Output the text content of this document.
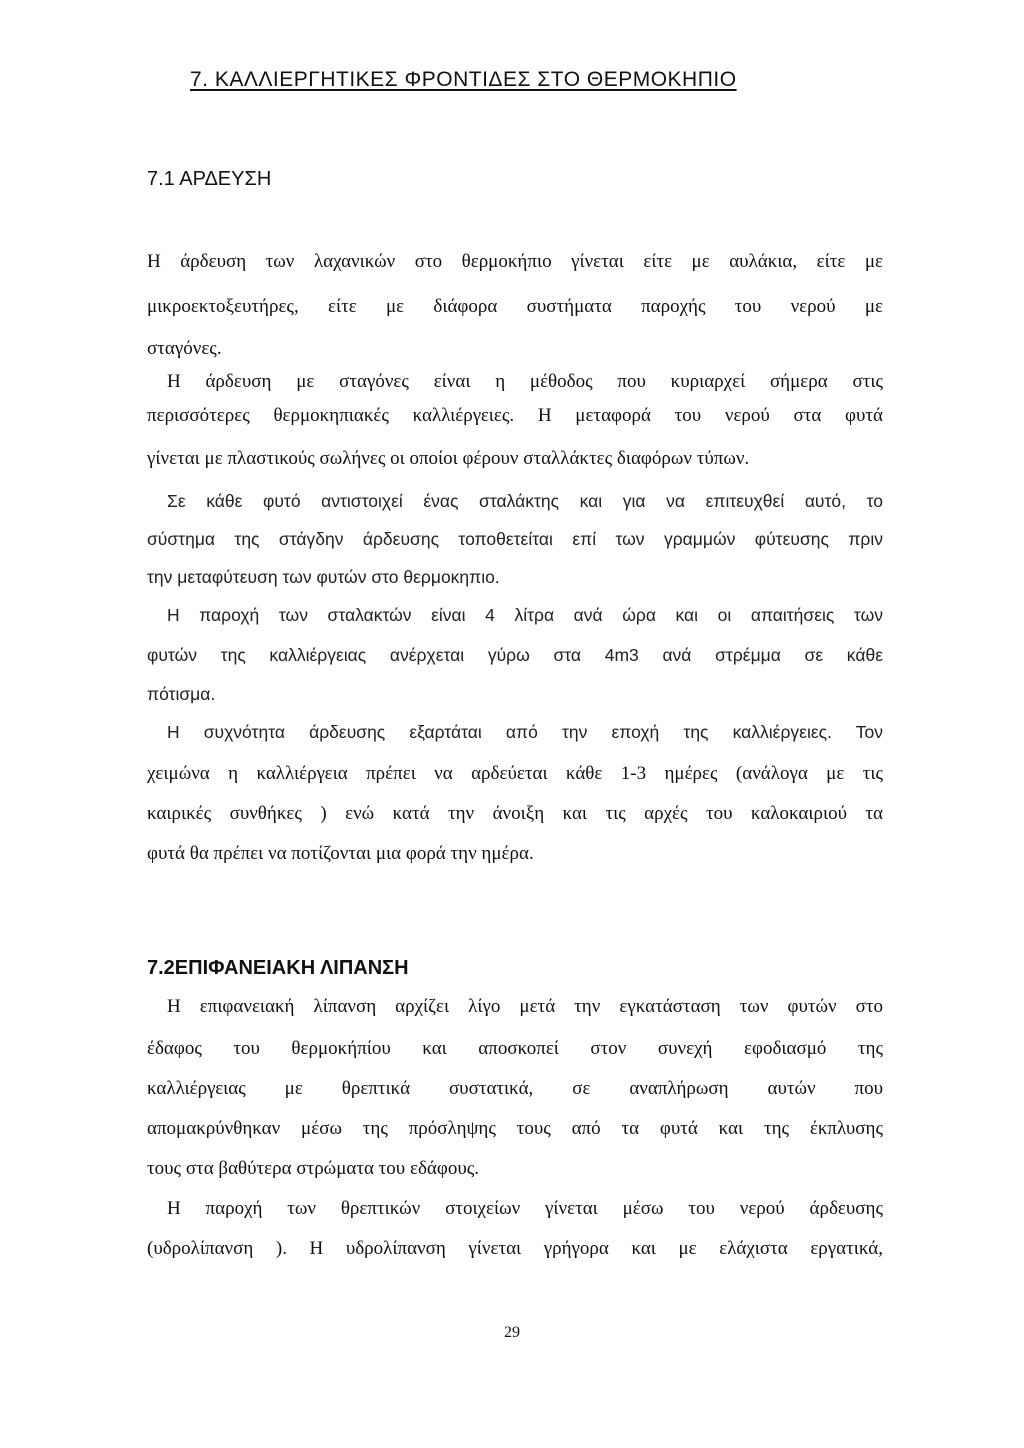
7. ΚΑΛΛΙΕΡΓΗΤΙΚΕΣ ΦΡΟΝΤΙΔΕΣ ΣΤΟ ΘΕΡΜΟΚΗΠΙΟ
7.1 ΑΡΔΕΥΣΗ
Η άρδευση των λαχανικών στο θερμοκήπιο γίνεται είτε με αυλάκια, είτε με
μικροεκτοξευτήρες, είτε με διάφορα συστήματα παροχής του νερού με
σταγόνες.
Η άρδευση με σταγόνες είναι η μέθοδος που κυριαρχεί σήμερα στις
περισσότερες θερμοκηπιακές καλλιέργειες. Η μεταφορά του νερού στα φυτά
γίνεται με πλαστικούς σωλήνες οι οποίοι φέρουν σταλλάκτες διαφόρων τύπων.
Σε κάθε φυτό αντιστοιχεί ένας σταλάκτης και για να επιτευχθεί αυτό, το
σύστημα της στάγδην άρδευσης τοποθετείται επί των γραμμών φύτευσης πριν
την μεταφύτευση των φυτών στο θερμοκηπιο.
Η παροχή των σταλακτών είναι 4 λίτρα ανά ώρα και οι απαιτήσεις των
φυτών της καλλιέργειας ανέρχεται γύρω στα 4m3 ανά στρέμμα σε κάθε
πότισμα.
Η συχνότητα άρδευσης εξαρτάται από την εποχή της καλλιέργειες. Τον
χειμώνα η καλλιέργεια πρέπει να αρδεύεται κάθε 1-3 ημέρες (ανάλογα με τις
καιρικές συνθήκες ) ενώ κατά την άνοιξη και τις αρχές του καλοκαιριού τα
φυτά θα πρέπει να ποτίζονται μια φορά την ημέρα.
7.2ΕΠΙΦΑΝΕΙΑΚΗ ΛΙΠΑΝΣΗ
Η επιφανειακή λίπανση αρχίζει λίγο μετά την εγκατάσταση των φυτών στο
έδαφος του θερμοκήπίου και αποσκοπεί στον συνεχή εφοδιασμό της
καλλιέργειας με θρεπτικά συστατικά, σε αναπλήρωση αυτών που
απομακρύνθηκαν μέσω της πρόσληψης τους από τα φυτά και της έκπλυσης
τους στα βαθύτερα στρώματα του εδάφους.
Η παροχή των θρεπτικών στοιχείων γίνεται μέσω του νερού άρδευσης
(υδρολίπανση ). Η υδρολίπανση γίνεται γρήγορα και με ελάχιστα εργατικά,
29
